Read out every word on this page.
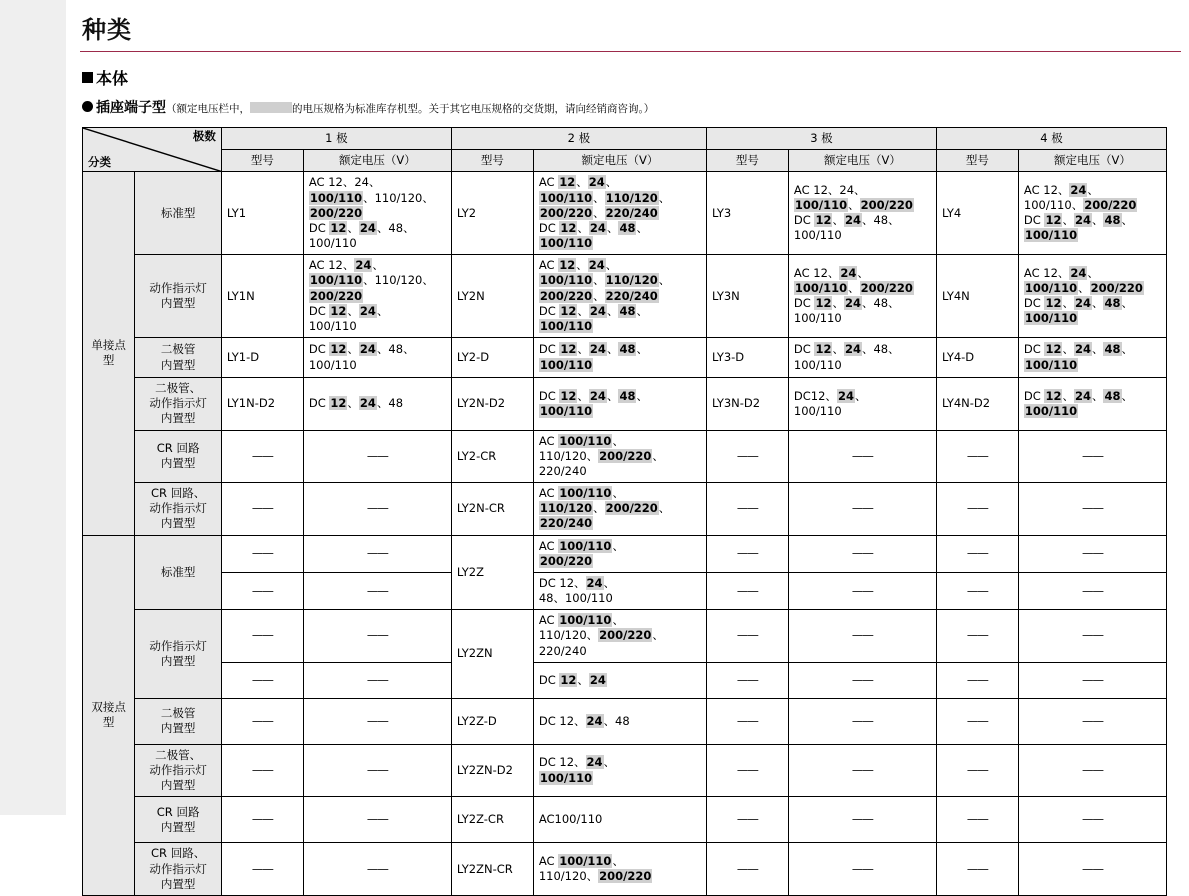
种类
本体
插座端子型（额定电压栏中，	的电压规格为标准库存机型。关于其它电压规格的交货期，请向经销商咨询。）
极数
分类		1 极		2 极		3 极		4 极	
		型号	额定电压（V）	型号	额定电压（V）	型号	额定电压（V）	型号	额定电压（V）
单接点型	标准型	LY1	AC 12、24、
100/110、110/120、
200/220
DC 12、24、48、
100/110	LY2	AC 12、24、
100/110、110/120、
200/220、220/240
DC 12、24、48、
100/110	LY3	AC 12、24、
100/110、200/220
DC 12、24、48、
100/110	LY4	AC 12、24、
100/110、200/220
DC 12、24、48、
100/110
	动作指示灯
内置型	LY1N	AC 12、24、
100/110、110/120、
200/220
DC 12、24、
100/110	LY2N	AC 12、24、
100/110、110/120、
200/220、220/240
DC 12、24、48、
100/110	LY3N	AC 12、24、
100/110、200/220
DC 12、24、48、
100/110	LY4N	AC 12、24、
100/110、200/220
DC 12、24、48、
100/110
	二极管
内置型	LY1-D	DC 12、24、48、
100/110	LY2-D	DC 12、24、48、
100/110	LY3-D	DC 12、24、48、
100/110	LY4-D	DC 12、24、48、
100/110
	二极管、
动作指示灯
内置型	LY1N-D2	DC 12、24、48	LY2N-D2	DC 12、24、48、
100/110	LY3N-D2	DC12、24、
100/110	LY4N-D2	DC 12、24、48、
100/110
	CR 回路
内置型	——	——	LY2-CR	AC 100/110、
110/120、200/220、
220/240	——	——	——	——
	CR 回路、
动作指示灯
内置型	——	——	LY2N-CR	AC 100/110、
110/120、200/220、
220/240	——	——	——	——
双接点型	标准型	——	——	LY2Z	AC 100/110、
200/220	——	——	——	——
		——	——		DC 12、24、
48、100/110	——	——	——	——
	动作指示灯
内置型	——	——	LY2ZN	AC 100/110、
110/120、200/220、
220/240	——	——	——	——
		——	——		DC 12、24	——	——	——	——
	二极管
内置型	——	——	LY2Z-D	DC 12、24、48	——	——	——	——
	二极管、
动作指示灯
内置型	——	——	LY2ZN-D2	DC 12、24、
100/110	——	——	——	——
	CR 回路
内置型	——	——	LY2Z-CR	AC100/110	——	——	——	——
	CR 回路、
动作指示灯
内置型	——	——	LY2ZN-CR	AC 100/110、
110/120、200/220	——	——	——	——
